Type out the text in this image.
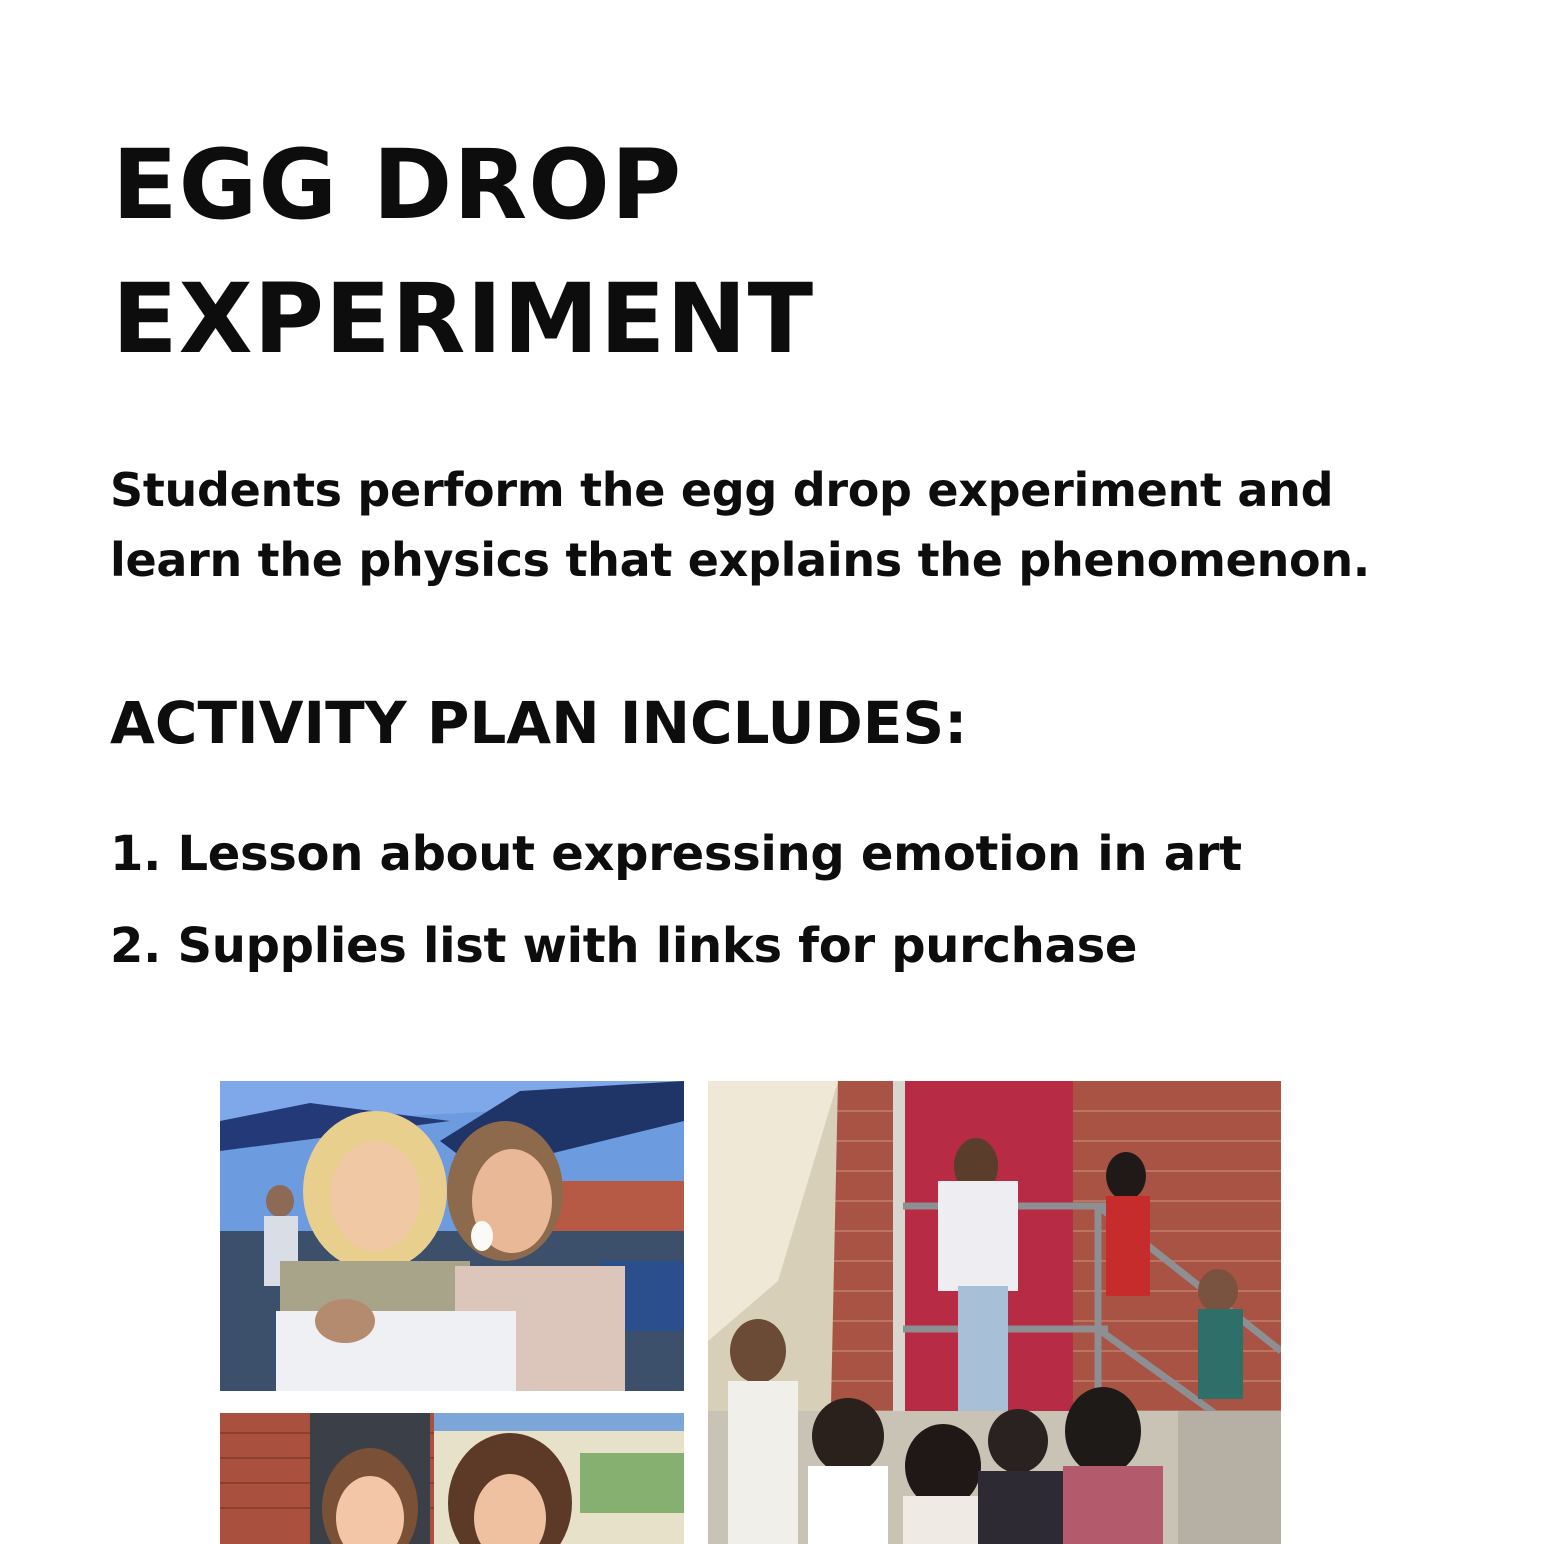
EGG DROP
EXPERIMENT

Students perform the egg drop experiment and
learn the physics that explains the phenomenon.

ACTIVITY PLAN INCLUDES:
1. Lesson about expressing emotion in art
2. Supplies list with links for purchase
